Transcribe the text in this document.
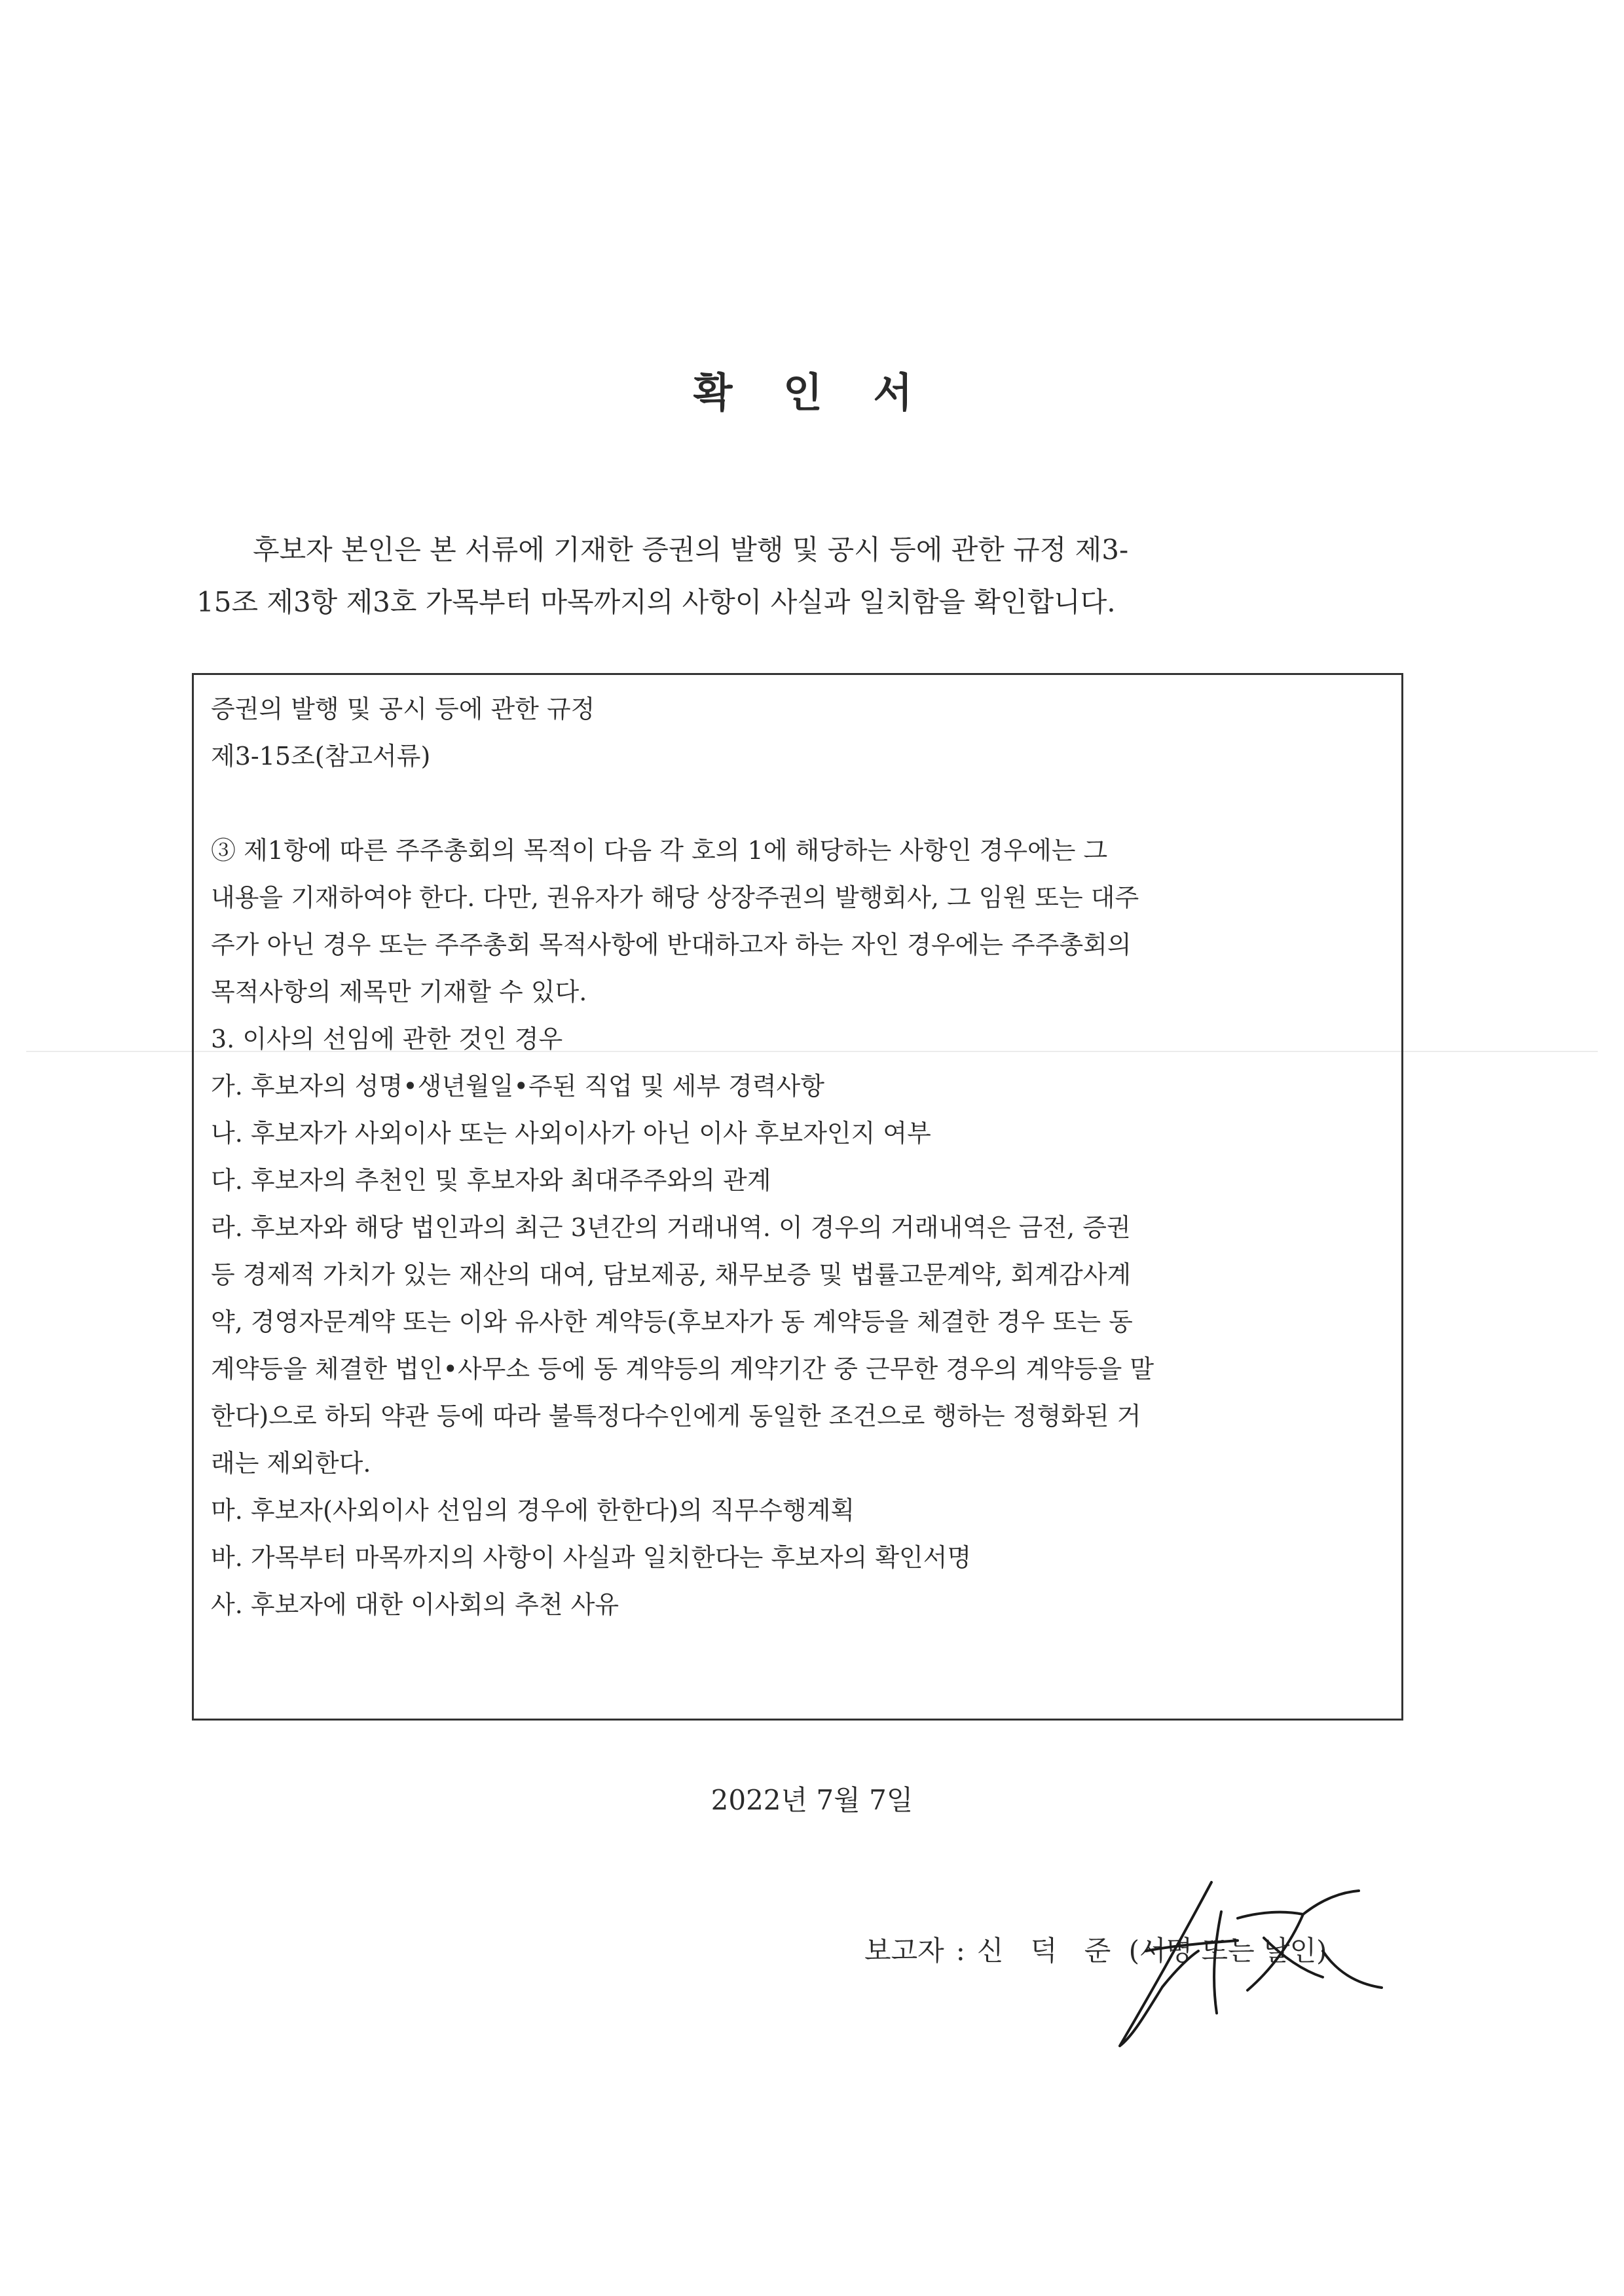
확 인 서
후보자 본인은 본 서류에 기재한 증권의 발행 및 공시 등에 관한 규정 제3-
15조 제3항 제3호 가목부터 마목까지의 사항이 사실과 일치함을 확인합니다.
증권의 발행 및 공시 등에 관한 규정
제3-15조(참고서류)
③ 제1항에 따른 주주총회의 목적이 다음 각 호의 1에 해당하는 사항인 경우에는 그
내용을 기재하여야 한다. 다만, 권유자가 해당 상장주권의 발행회사, 그 임원 또는 대주
주가 아닌 경우 또는 주주총회 목적사항에 반대하고자 하는 자인 경우에는 주주총회의
목적사항의 제목만 기재할 수 있다.
3. 이사의 선임에 관한 것인 경우
가. 후보자의 성명•생년월일•주된 직업 및 세부 경력사항
나. 후보자가 사외이사 또는 사외이사가 아닌 이사 후보자인지 여부
다. 후보자의 추천인 및 후보자와 최대주주와의 관계
라. 후보자와 해당 법인과의 최근 3년간의 거래내역. 이 경우의 거래내역은 금전, 증권
등 경제적 가치가 있는 재산의 대여, 담보제공, 채무보증 및 법률고문계약, 회계감사계
약, 경영자문계약 또는 이와 유사한 계약등(후보자가 동 계약등을 체결한 경우 또는 동
계약등을 체결한 법인•사무소 등에 동 계약등의 계약기간 중 근무한 경우의 계약등을 말
한다)으로 하되 약관 등에 따라 불특정다수인에게 동일한 조건으로 행하는 정형화된 거
래는 제외한다.
마. 후보자(사외이사 선임의 경우에 한한다)의 직무수행계획
바. 가목부터 마목까지의 사항이 사실과 일치한다는 후보자의 확인서명
사. 후보자에 대한 이사회의 추천 사유
2022년 7월 7일
보고자 : 신 덕 준 (서명 또는 날인)
